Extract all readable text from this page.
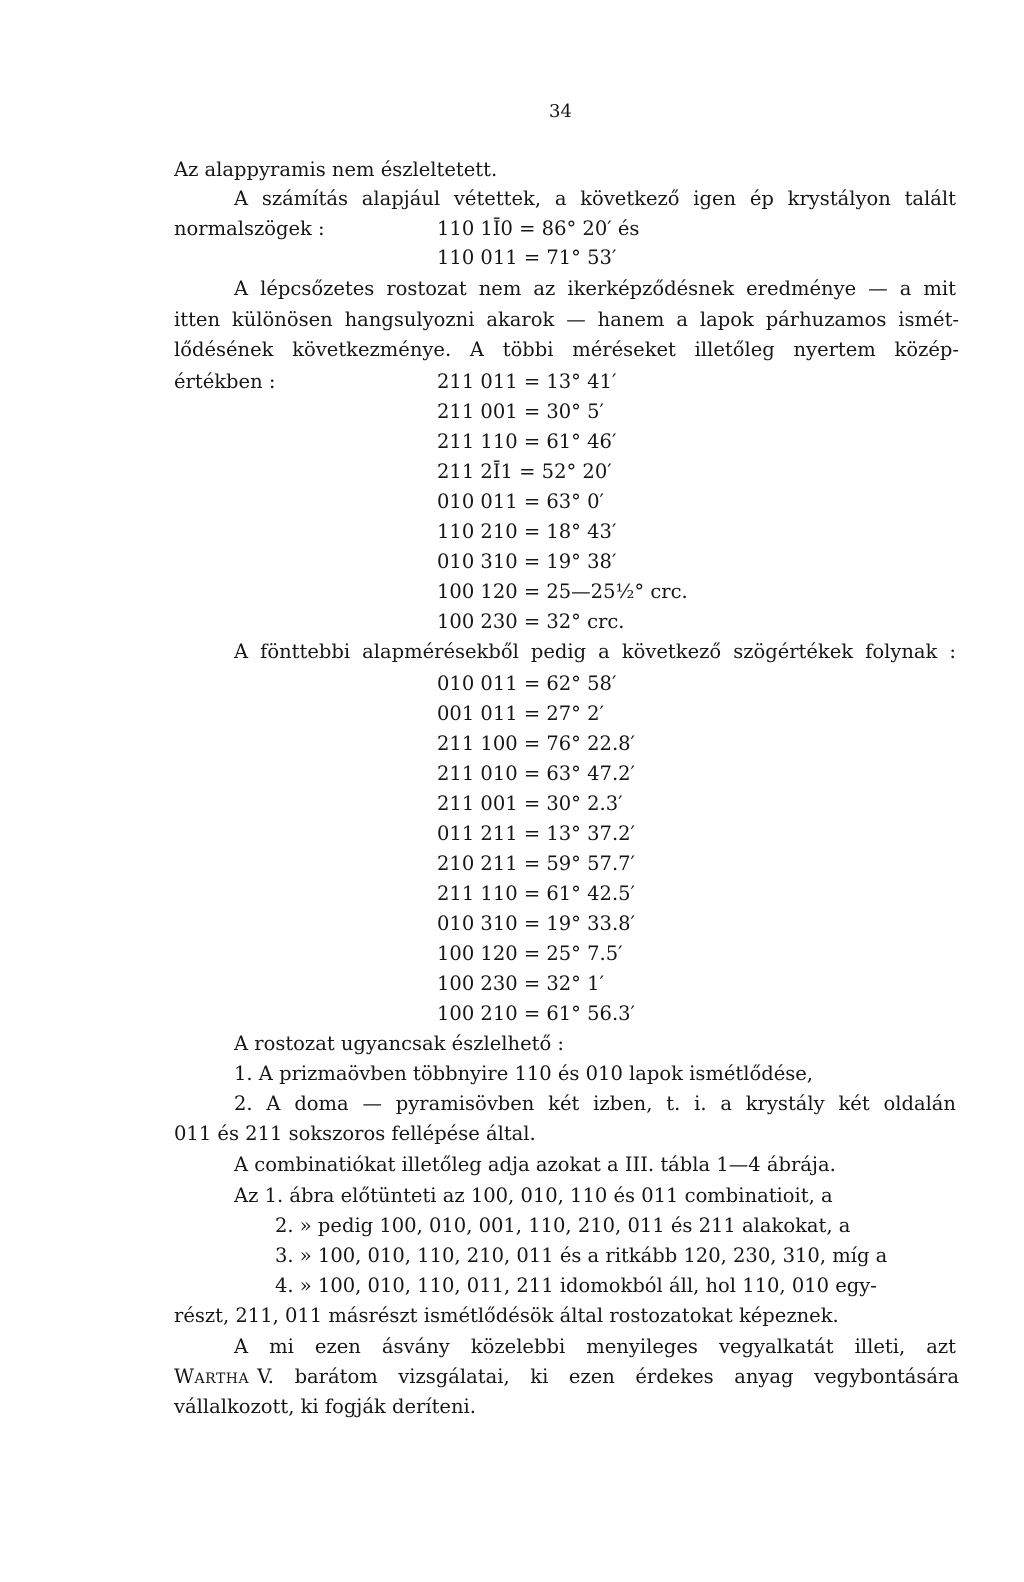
34
Az alappyramis nem észleltetett.
A számítás alapjául vétettek, a következő igen ép krystályon talált
normalszögek :	110 1Ī0 = 86° 20′ és
110 011 = 71° 53′
A lépcsőzetes rostozat nem az ikerképződésnek eredménye — a mit
itten különösen hangsulyozni akarok — hanem a lapok párhuzamos ismét-
lődésének következménye. A többi méréseket illetőleg nyertem közép-
értékben :	211 011 = 13° 41′
211 001 = 30° 5′
211 110 = 61° 46′
211 2Ī1 = 52° 20′
010 011 = 63° 0′
110 210 = 18° 43′
010 310 = 19° 38′
100 120 = 25—25½° crc.
100 230 = 32° crc.
A fönttebbi alapmérésekből pedig a következő szögértékek folynak :
010 011 = 62° 58′
001 011 = 27° 2′
211 100 = 76° 22.8′
211 010 = 63° 47.2′
211 001 = 30° 2.3′
011 211 = 13° 37.2′
210 211 = 59° 57.7′
211 110 = 61° 42.5′
010 310 = 19° 33.8′
100 120 = 25° 7.5′
100 230 = 32° 1′
100 210 = 61° 56.3′
A rostozat ugyancsak észlelhető :
1. A prizmaövben többnyire 110 és 010 lapok ismétlődése,
2. A doma — pyramisövben két izben, t. i. a krystály két oldalán
011 és 211 sokszoros fellépése által.
A combinatiókat illetőleg adja azokat a III. tábla 1—4 ábrája.
Az 1. ábra előtünteti az 100, 010, 110 és 011 combinatioit, a
2. » pedig 100, 010, 001, 110, 210, 011 és 211 alakokat, a
3. » 100, 010, 110, 210, 011 és a ritkább 120, 230, 310, míg a
4. » 100, 010, 110, 011, 211 idomokból áll, hol 110, 010 egy-
részt, 211, 011 másrészt ismétlődésök által rostozatokat képeznek.
A mi ezen ásvány közelebbi menyileges vegyalkatát illeti, azt
Wartha V. barátom vizsgálatai, ki ezen érdekes anyag vegybontására
vállalkozott, ki fogják deríteni.
